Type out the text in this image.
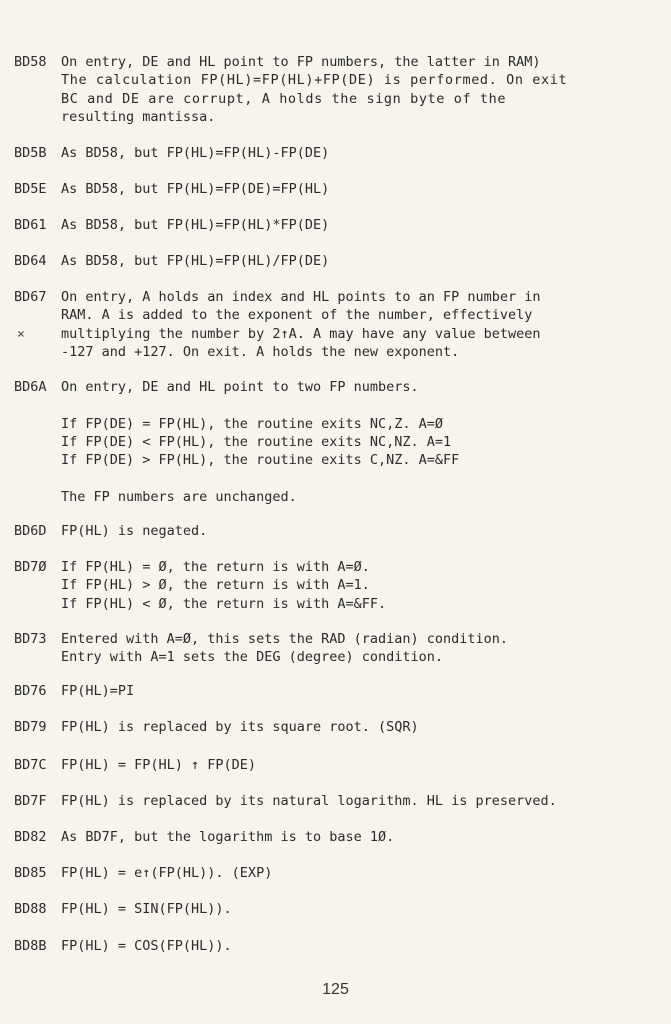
BD58	On entry, DE and HL point to FP numbers, the latter in RAM)
The calculation FP(HL)=FP(HL)+FP(DE) is performed. On exit
BC and DE are corrupt, A holds the sign byte of the
resulting mantissa.
BD5B	As BD58, but FP(HL)=FP(HL)-FP(DE)
BD5E	As BD58, but FP(HL)=FP(DE)=FP(HL)
BD61	As BD58, but FP(HL)=FP(HL)*FP(DE)
BD64	As BD58, but FP(HL)=FP(HL)/FP(DE)
BD67	On entry, A holds an index and HL points to an FP number in
RAM. A is added to the exponent of the number, effectively
multiplying the number by 2↑A. A may have any value between
-127 and +127. On exit. A holds the new exponent.
BD6A	On entry, DE and HL point to two FP numbers.
If FP(DE) = FP(HL), the routine exits NC,Z. A=Ø
If FP(DE) < FP(HL), the routine exits NC,NZ. A=1
If FP(DE) > FP(HL), the routine exits C,NZ. A=&FF
The FP numbers are unchanged.
BD6D	FP(HL) is negated.
BD7Ø	If FP(HL) = Ø, the return is with A=Ø.
If FP(HL) > Ø, the return is with A=1.
If FP(HL) < Ø, the return is with A=&FF.
BD73	Entered with A=Ø, this sets the RAD (radian) condition.
Entry with A=1 sets the DEG (degree) condition.
BD76	FP(HL)=PI
BD79	FP(HL) is replaced by its square root. (SQR)
BD7C	FP(HL) = FP(HL) ↑ FP(DE)
BD7F	FP(HL) is replaced by its natural logarithm. HL is preserved.
BD82	As BD7F, but the logarithm is to base 1Ø.
BD85	FP(HL) = e↑(FP(HL)). (EXP)
BD88	FP(HL) = SIN(FP(HL)).
BD8B	FP(HL) = COS(FP(HL)).
⨯
125
